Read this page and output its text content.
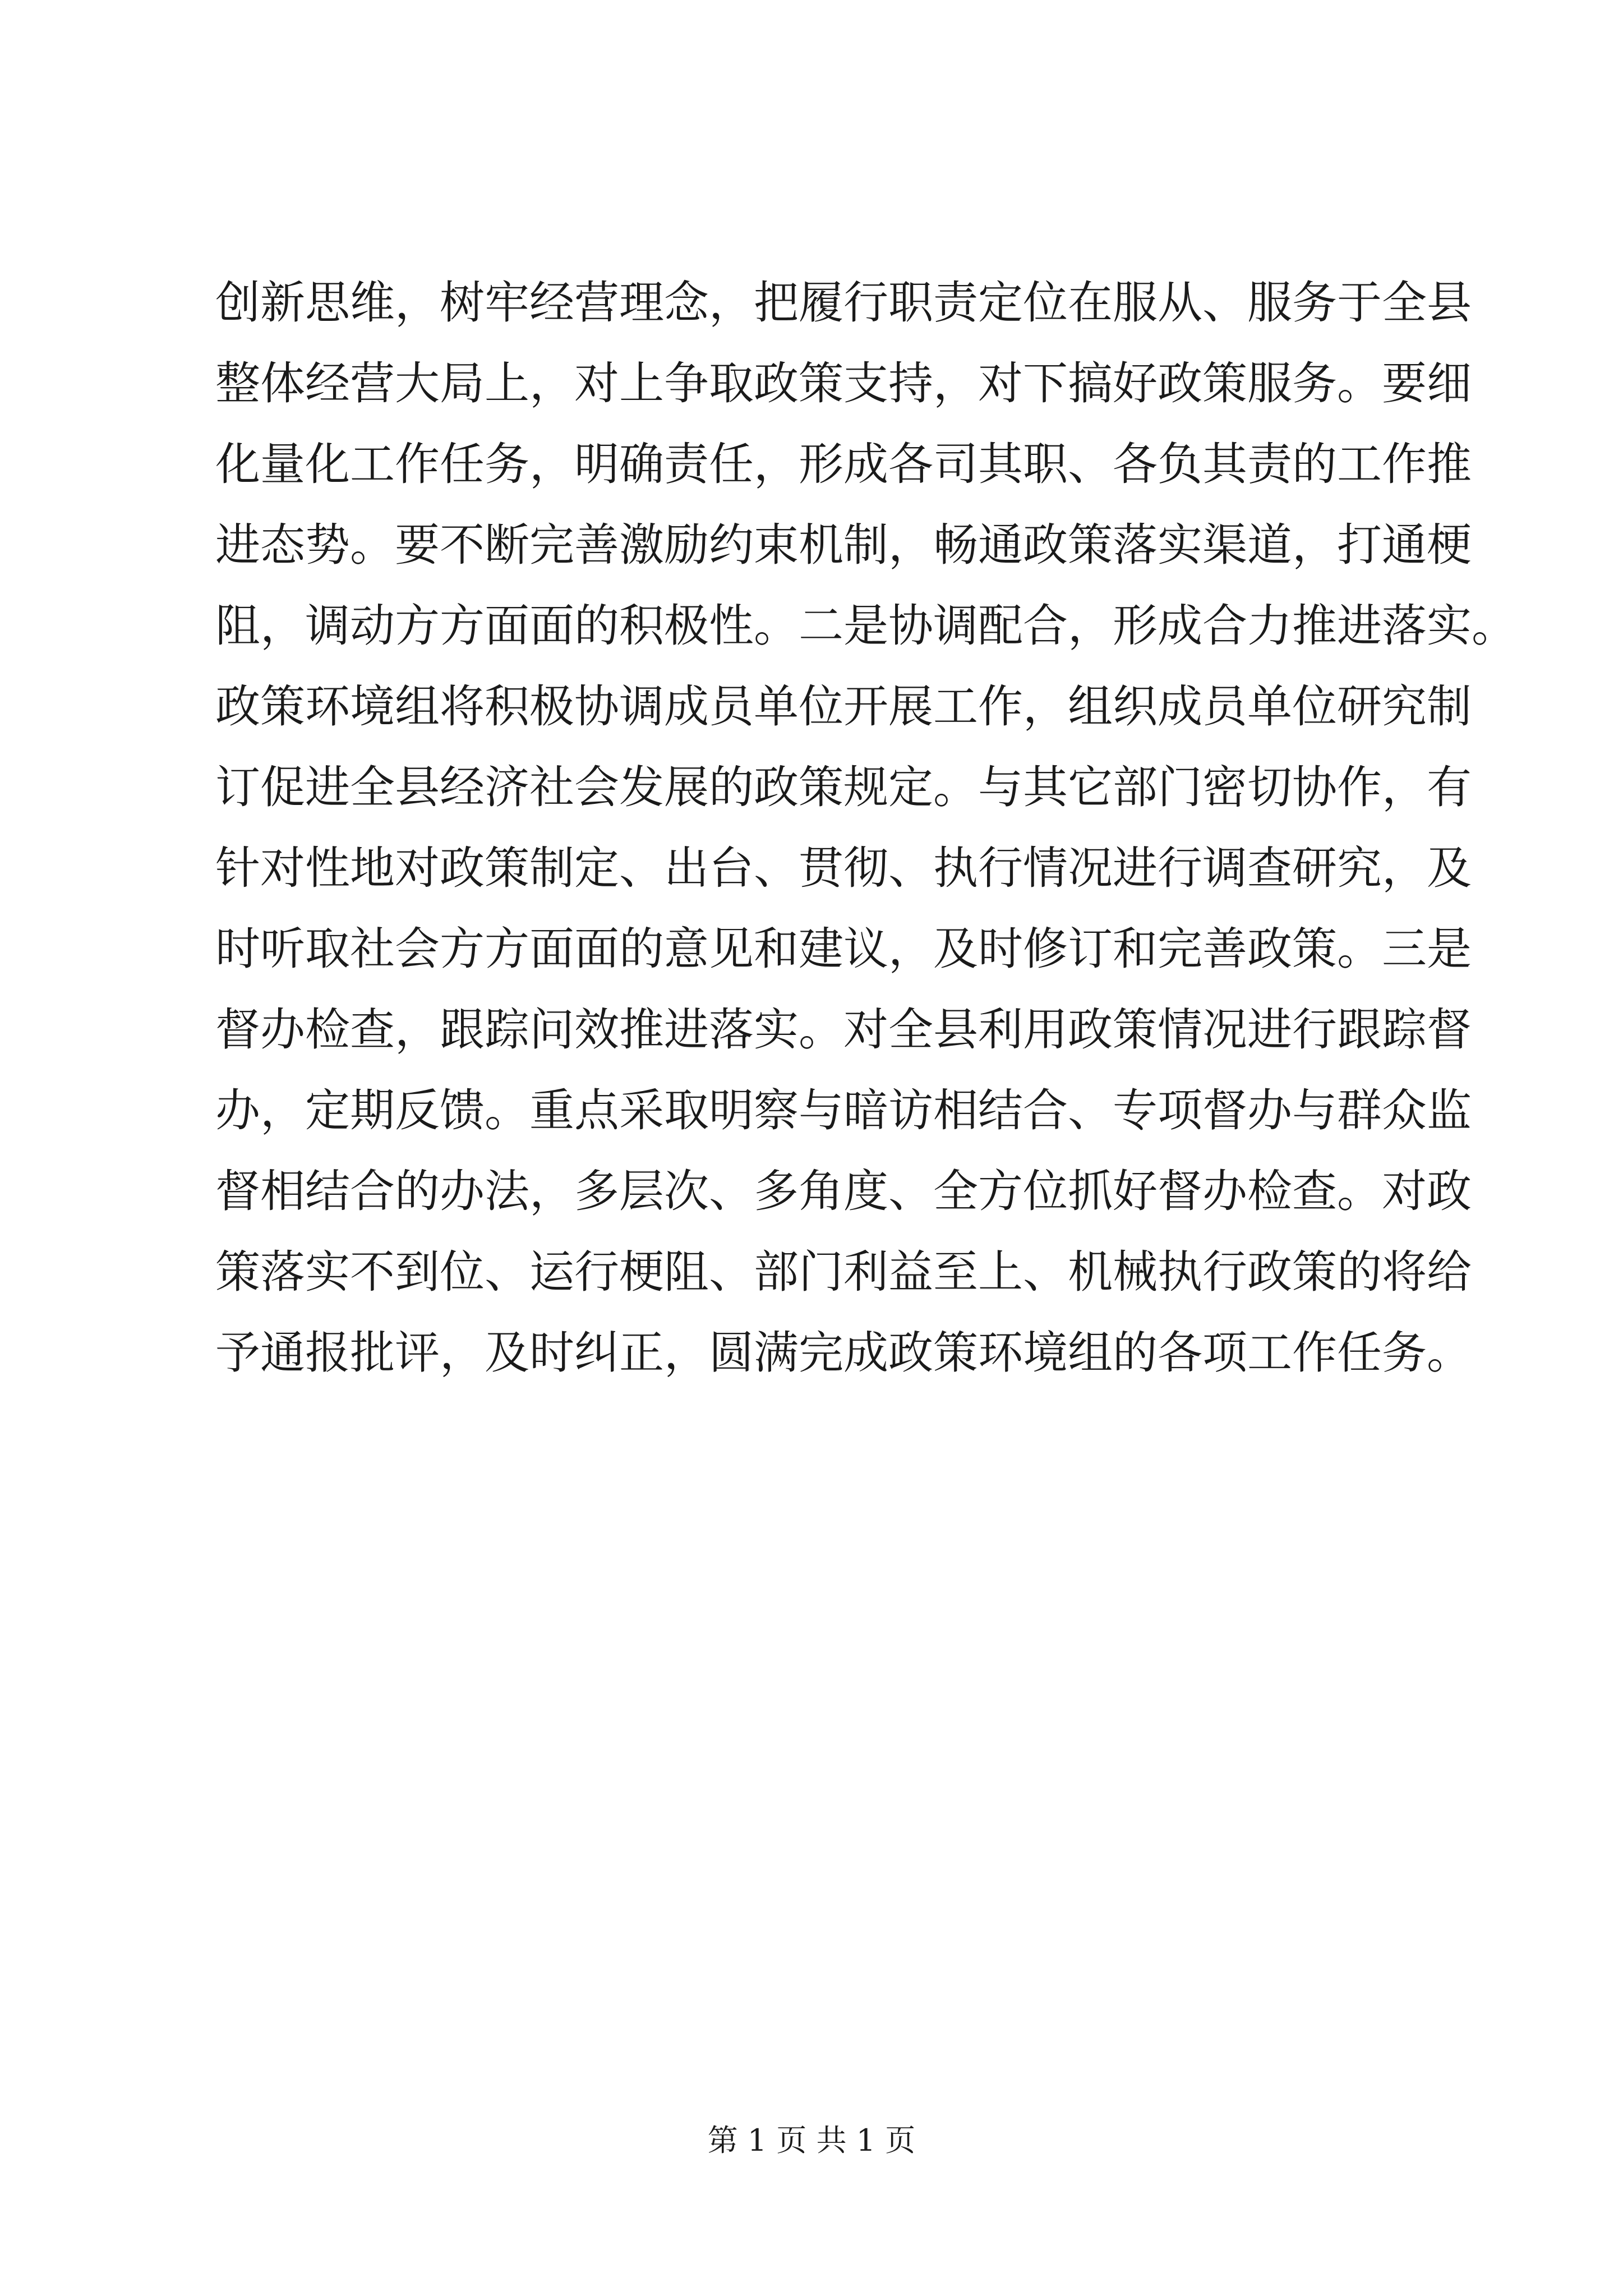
创新思维，树牢经营理念，把履行职责定位在服从、服务于全县
整体经营大局上，对上争取政策支持，对下搞好政策服务。要细
化量化工作任务，明确责任，形成各司其职、各负其责的工作推
进态势。要不断完善激励约束机制，畅通政策落实渠道，打通梗
阻，调动方方面面的积极性。二是协调配合，形成合力推进落实。
政策环境组将积极协调成员单位开展工作，组织成员单位研究制
订促进全县经济社会发展的政策规定。与其它部门密切协作，有
针对性地对政策制定、出台、贯彻、执行情况进行调查研究，及
时听取社会方方面面的意见和建议，及时修订和完善政策。三是
督办检查，跟踪问效推进落实。对全县利用政策情况进行跟踪督
办，定期反馈。重点采取明察与暗访相结合、专项督办与群众监
督相结合的办法，多层次、多角度、全方位抓好督办检查。对政
策落实不到位、运行梗阻、部门利益至上、机械执行政策的将给
予通报批评，及时纠正，圆满完成政策环境组的各项工作任务。
第 1 页 共 1 页
